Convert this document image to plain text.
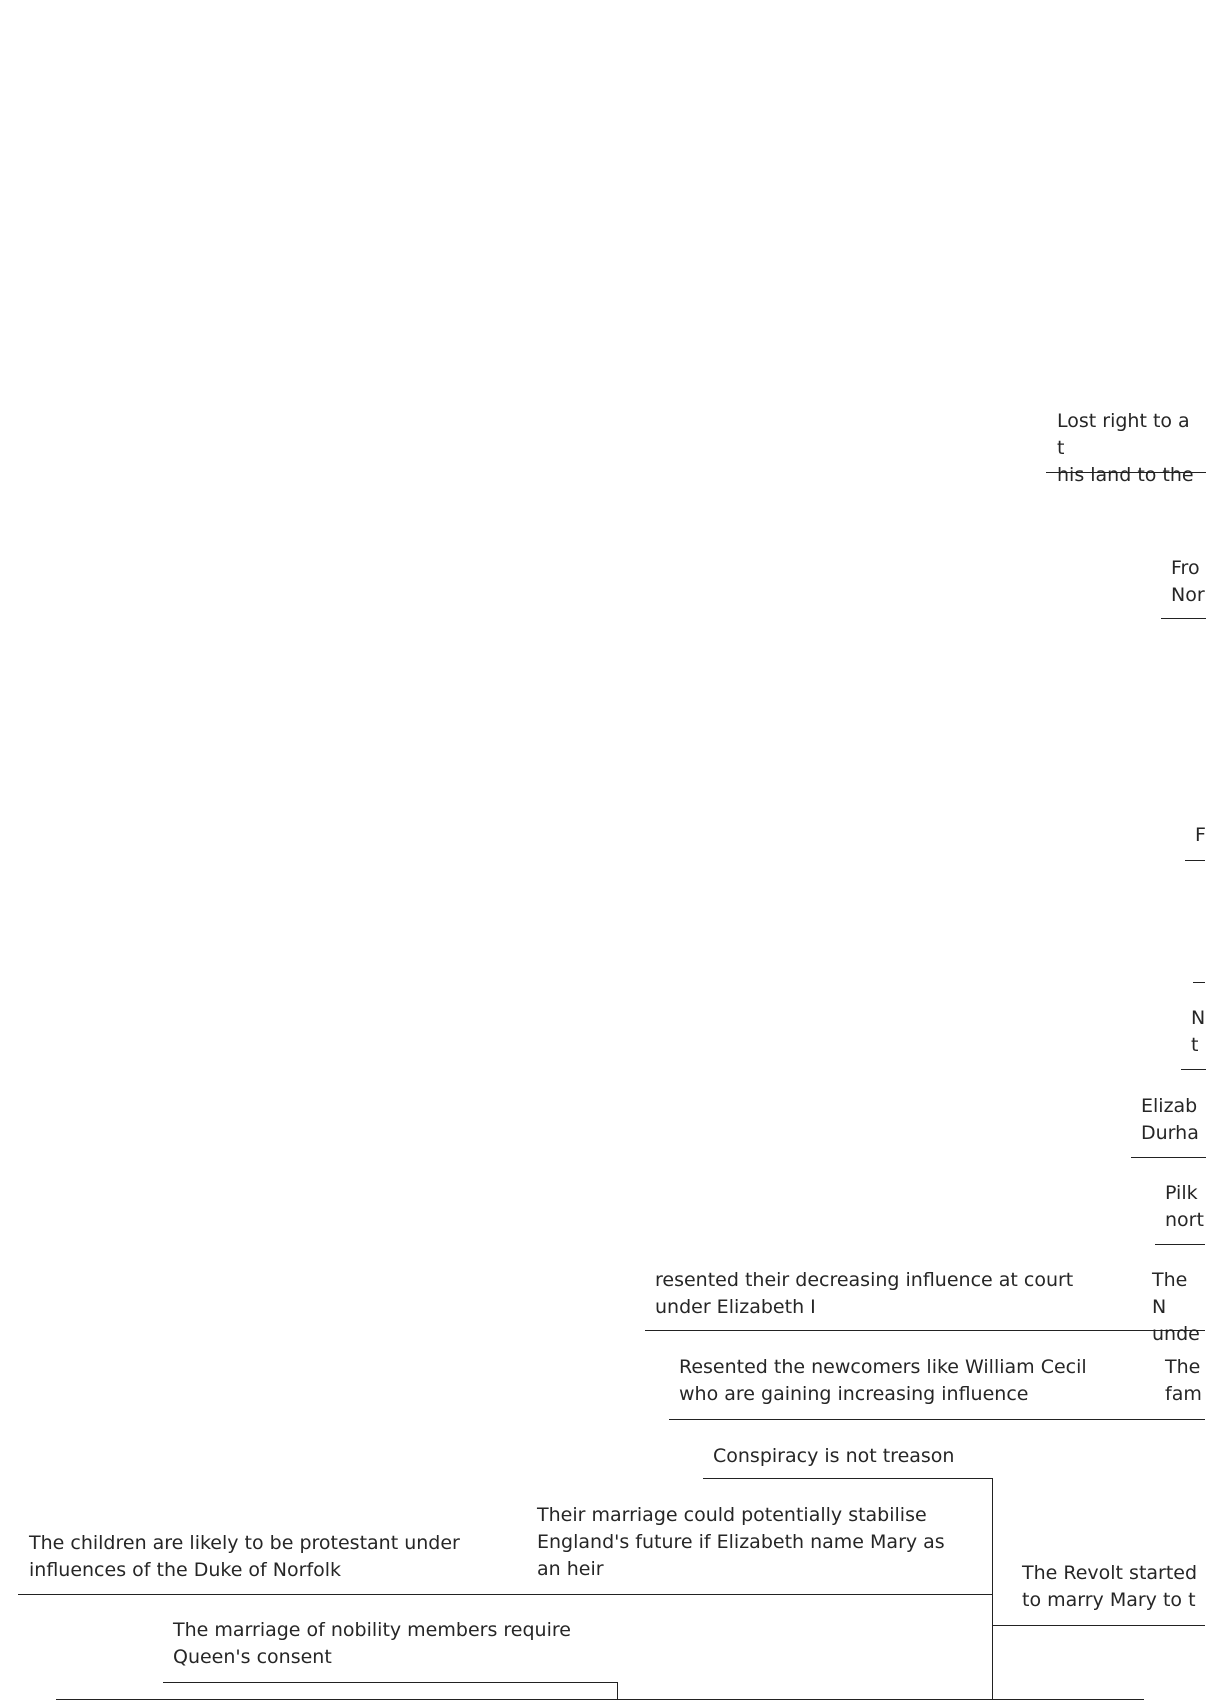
Lost right to a t
his land to the
Fro
Nor
F
N
t
Elizab
Durha
Pilk
nort
resented their decreasing influence at court
under Elizabeth I
The N
unde
Resented the newcomers like William Cecil
who are gaining increasing influence
The
fam
Conspiracy is not treason
Their marriage could potentially stabilise
England's future if Elizabeth name Mary as
an heir
The children are likely to be protestant under
influences of the Duke of Norfolk	The Revolt started
to marry Mary to t
The marriage of nobility members require
Queen's consent
